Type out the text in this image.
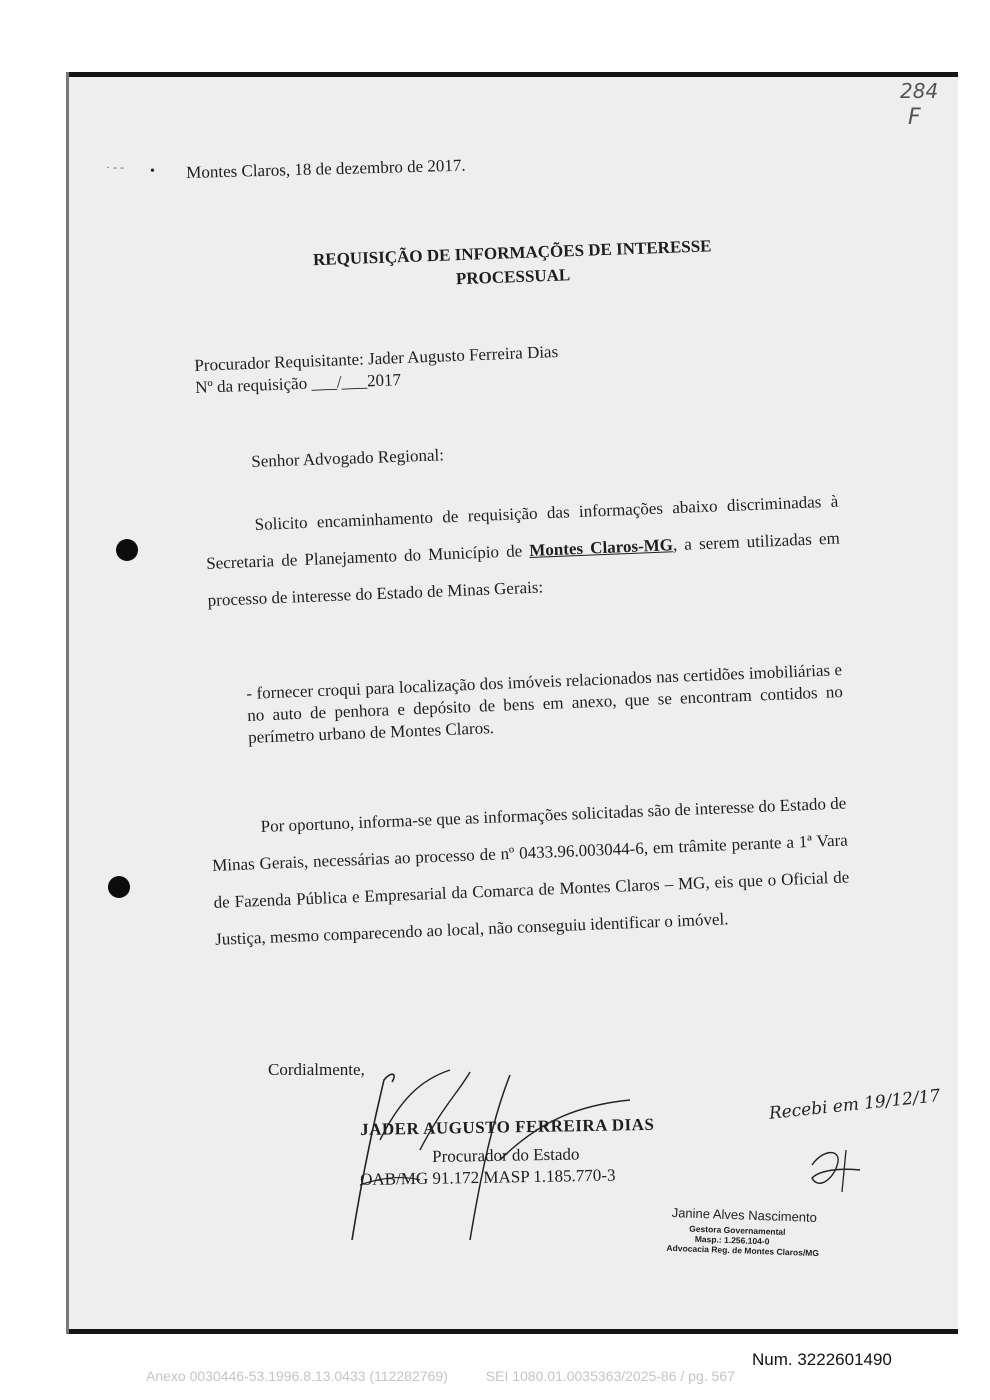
284
F
· - - • Montes Claros, 18 de dezembro de 2017.
REQUISIÇÃO DE INFORMAÇÕES DE INTERESSE
PROCESSUAL
Procurador Requisitante: Jader Augusto Ferreira Dias
Nº da requisição ___/___2017
Senhor Advogado Regional:
Solicito encaminhamento de requisição das informações abaixo discriminadas à Secretaria de Planejamento do Município de Montes Claros-MG, a serem utilizadas em processo de interesse do Estado de Minas Gerais:
- fornecer croqui para localização dos imóveis relacionados nas certidões imobiliárias e no auto de penhora e depósito de bens em anexo, que se encontram contidos no perímetro urbano de Montes Claros.
Por oportuno, informa-se que as informações solicitadas são de interesse do Estado de Minas Gerais, necessárias ao processo de nº 0433.96.003044-6, em trâmite perante a 1ª Vara de Fazenda Pública e Empresarial da Comarca de Montes Claros – MG, eis que o Oficial de Justiça, mesmo comparecendo ao local, não conseguiu identificar o imóvel.
Cordialmente,
JADER AUGUSTO FERREIRA DIAS
Procurador do Estado
OAB/MG 91.172 MASP 1.185.770-3
Recebi em 19/12/17
Janine Alves Nascimento
Gestora Governamental
Masp.: 1.256.104-0
Advocacia Reg. de Montes Claros/MG
Num. 3222601490
Anexo 0030446-53.1996.8.13.0433 (112282769)	SEI 1080.01.0035363/2025-86 / pg. 567
